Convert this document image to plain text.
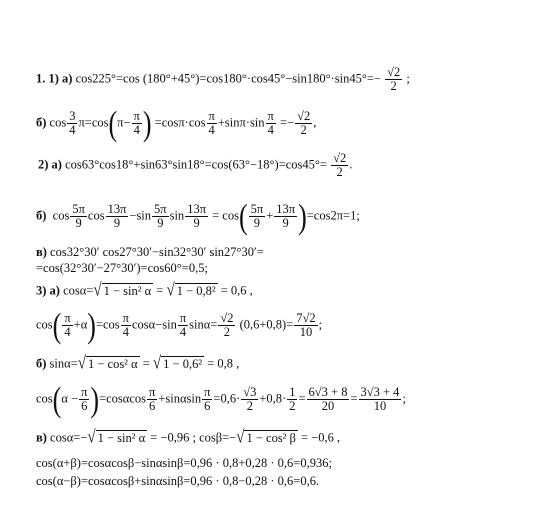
1. 1) а) cos225°=cos $(180^\circ+45^\circ)=\cos 180^\circ\cdot\cos 45^\circ-\sin 180^\circ\cdot\sin 45^\circ=- \frac{√2}{2}$ ;
б) $\cos \frac{3}{4} \pi=\cos(\pi- \frac{\pi}{4}$ ) $=\cos\pi\cdot\cos \frac{\pi}{4} +\sin\pi\cdot\sin \frac{\pi}{4} =- \frac{√2}{2}$ ,
2) а) $\cos 63^\circ\cos 18^\circ+\sin 63^\circ\sin 18^\circ=\cos(63^\circ-18^\circ)=\cos 45^\circ= \frac{√2}{2}$ .
б) $\cos \frac{5\pi}{9}$ $\cos \frac{13\pi}{9} -\sin \frac{5\pi}{9}$ $\sin \frac{13\pi}{9} = \cos( \frac{5\pi}{9} + \frac{13\pi}{9} )=\cos 2\pi=1$;
в) cos32°30′ cos27°30′−sin32°30′ sin27°30′=
=cos(32°30′−27°30′)=cos60°=0,5;
3) а) cosα=√ 1 − sin² α = √ 1 − 0,8² = 0,6 ,
$\cos( \frac{\pi}{4} +\alpha)=\cos \frac{\pi}{4} \cos\alpha-\sin \frac{\pi}{4} \sin\alpha= \frac{√2}{2} (0,6+0,8)= \frac{7√2}{10}$ ;
б) sinα=√ 1 − cos² α = √ 1 − 0,6² = 0,8 ,
$\cos(\alpha - \frac{\pi}{6} )=\cos\alpha\cos \frac{\pi}{6} +\sin\alpha\sin \frac{\pi}{6} =0,6\cdot \frac{√3}{2} +0,8\cdot \frac{1}{2} = \frac{6√3 + 8}{20} = \frac{3√3 + 4}{10}$ ;
в) cosα=−√ 1 − sin² α = −0,96 ; cosβ=−√ 1 − cos² β = −0,6 ,
cos(α+β)=cosαcosβ−sinαsinβ=0,96 · 0,8+0,28 · 0,6=0,936;
cos(α−β)=cosαcosβ+sinαsinβ=0,96 · 0,8−0,28 · 0,6=0,6.
